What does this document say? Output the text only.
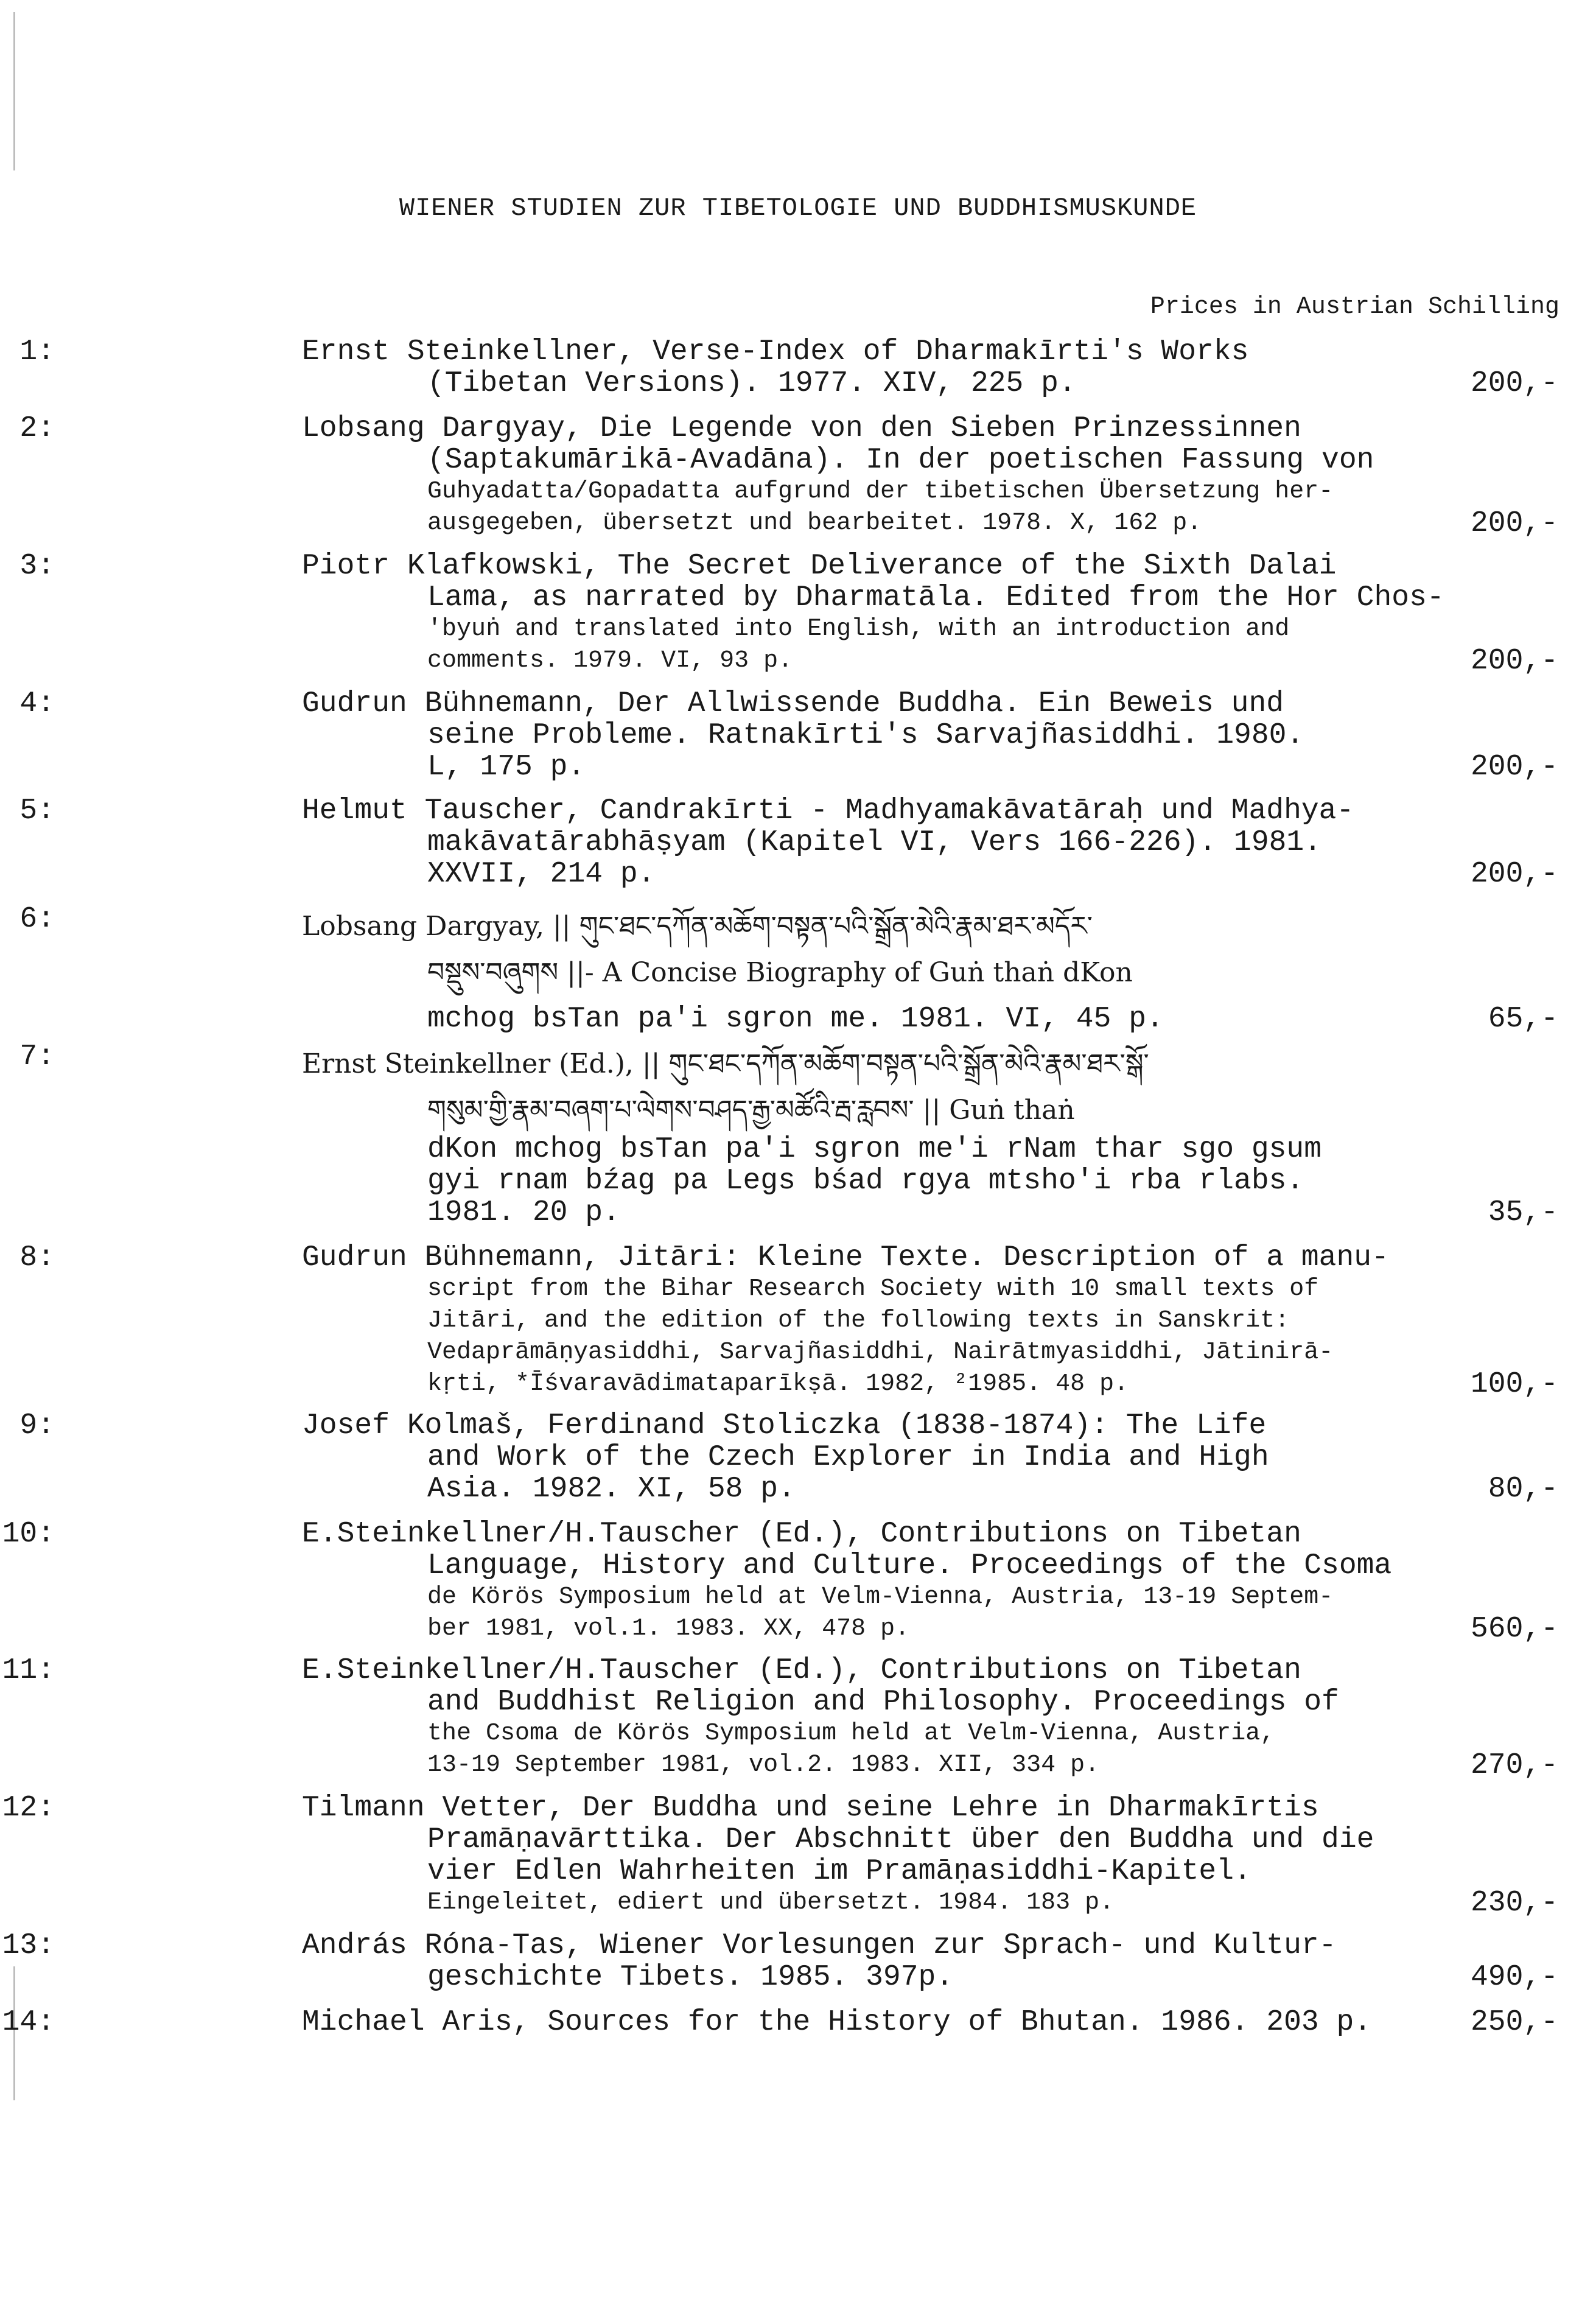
WIENER STUDIEN ZUR TIBETOLOGIE UND BUDDHISMUSKUNDE
Prices in Austrian Schilling
1:	Ernst Steinkellner, Verse-Index of Dharmakīrti's Works
(Tibetan Versions). 1977. XIV, 225 p.	200,-
2:	Lobsang Dargyay, Die Legende von den Sieben Prinzessinnen
(Saptakumārikā-Avadāna). In der poetischen Fassung von
Guhyadatta/Gopadatta aufgrund der tibetischen Übersetzung her-
ausgegeben, übersetzt und bearbeitet. 1978. X, 162 p.	200,-
3:	Piotr Klafkowski, The Secret Deliverance of the Sixth Dalai
Lama, as narrated by Dharmatāla. Edited from the Hor Chos-
'byuṅ and translated into English, with an introduction and
comments. 1979. VI, 93 p.	200,-
4:	Gudrun Bühnemann, Der Allwissende Buddha. Ein Beweis und
seine Probleme. Ratnakīrti's Sarvajñasiddhi. 1980.
L, 175 p.	200,-
5:	Helmut Tauscher, Candrakīrti - Madhyamakāvatāraḥ und Madhya-
makāvatārabhāṣyam (Kapitel VI, Vers 166-226). 1981.
XXVII, 214 p.	200,-
6:	Lobsang Dargyay, || གུང་ཐང་དཀོན་མཆོག་བསྟན་པའི་སྒྲོན་མེའི་རྣམ་ཐར་མདོར་
བསྡུས་བཞུགས ||- A Concise Biography of Guṅ thaṅ dKon
mchog bsTan pa'i sgron me. 1981. VI, 45 p.	65,-
7:	Ernst Steinkellner (Ed.), || གུང་ཐང་དཀོན་མཆོག་བསྟན་པའི་སྒྲོན་མེའི་རྣམ་ཐར་སྒོ་
གསུམ་གྱི་རྣམ་བཞག་པ་ལེགས་བཤད་རྒྱ་མཚོའི་རྦ་རླབས་ || Guṅ thaṅ
dKon mchog bsTan pa'i sgron me'i rNam thar sgo gsum
gyi rnam bźag pa Legs bśad rgya mtsho'i rba rlabs.
1981. 20 p.	35,-
8:	Gudrun Bühnemann, Jitāri: Kleine Texte. Description of a manu-
script from the Bihar Research Society with 10 small texts of
Jitāri, and the edition of the following texts in Sanskrit:
Vedaprāmāṇyasiddhi, Sarvajñasiddhi, Nairātmyasiddhi, Jātinirā-
kṛti, *Īśvaravādimataparīkṣā. 1982, ²1985. 48 p.	100,-
9:	Josef Kolmaš, Ferdinand Stoliczka (1838-1874): The Life
and Work of the Czech Explorer in India and High
Asia. 1982. XI, 58 p.	80,-
10:	E.Steinkellner/H.Tauscher (Ed.), Contributions on Tibetan
Language, History and Culture. Proceedings of the Csoma
de Körös Symposium held at Velm-Vienna, Austria, 13-19 Septem-
ber 1981, vol.1. 1983. XX, 478 p.	560,-
11:	E.Steinkellner/H.Tauscher (Ed.), Contributions on Tibetan
and Buddhist Religion and Philosophy. Proceedings of
the Csoma de Körös Symposium held at Velm-Vienna, Austria,
13-19 September 1981, vol.2. 1983. XII, 334 p.	270,-
12:	Tilmann Vetter, Der Buddha und seine Lehre in Dharmakīrtis
Pramāṇavārttika. Der Abschnitt über den Buddha und die
vier Edlen Wahrheiten im Pramāṇasiddhi-Kapitel.
Eingeleitet, ediert und übersetzt. 1984. 183 p.	230,-
13:	András Róna-Tas, Wiener Vorlesungen zur Sprach- und Kultur-
geschichte Tibets. 1985. 397p.	490,-
14:	Michael Aris, Sources for the History of Bhutan. 1986. 203 p.	250,-
